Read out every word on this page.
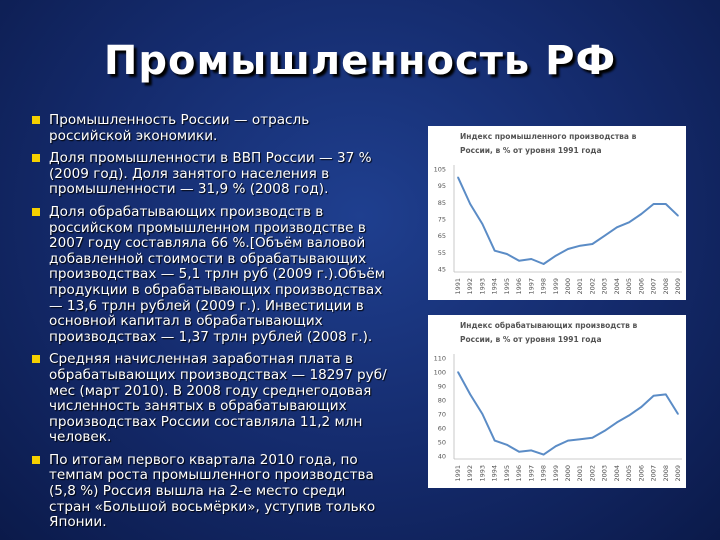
Промышленность РФ
Промышленность России — отрасль российской экономики.
Доля промышленности в ВВП России — 37 % (2009 год). Доля занятого населения в промышленности — 31,9 % (2008 год).
Доля обрабатывающих производств в российском промышленном производстве в 2007 году составляла 66 %.[Объём валовой добавленной стоимости в обрабатывающих производствах — 5,1 трлн руб (2009 г.).Объём продукции в обрабатывающих производствах — 13,6 трлн рублей (2009 г.). Инвестиции в основной капитал в обрабатывающих производствах — 1,37 трлн рублей (2008 г.).
Средняя начисленная заработная плата в обрабатывающих производствах — 18297 руб/мес (март 2010). В 2008 году среднегодовая численность занятых в обрабатывающих производствах России составляла 11,2 млн человек.
По итогам первого квартала 2010 года, по темпам роста промышленного производства (5,8 %) Россия вышла на 2-е место среди стран «Большой восьмёрки», уступив только Японии.
Индекс промышленного производства в
России, в % от уровня 1991 года
105
95
85
75
65
55
45
1991 1992 1993 1994 1995 1996 1997 1998 1999 2000 2001 2002 2003 2004 2005 2006 2007 2008 2009
Индекс обрабатывающих производств в
России, в % от уровня 1991 года
110
100
90
80
70
60
50
40
1991 1992 1993 1994 1995 1996 1997 1998 1999 2000 2001 2002 2003 2004 2005 2006 2007 2008 2009
